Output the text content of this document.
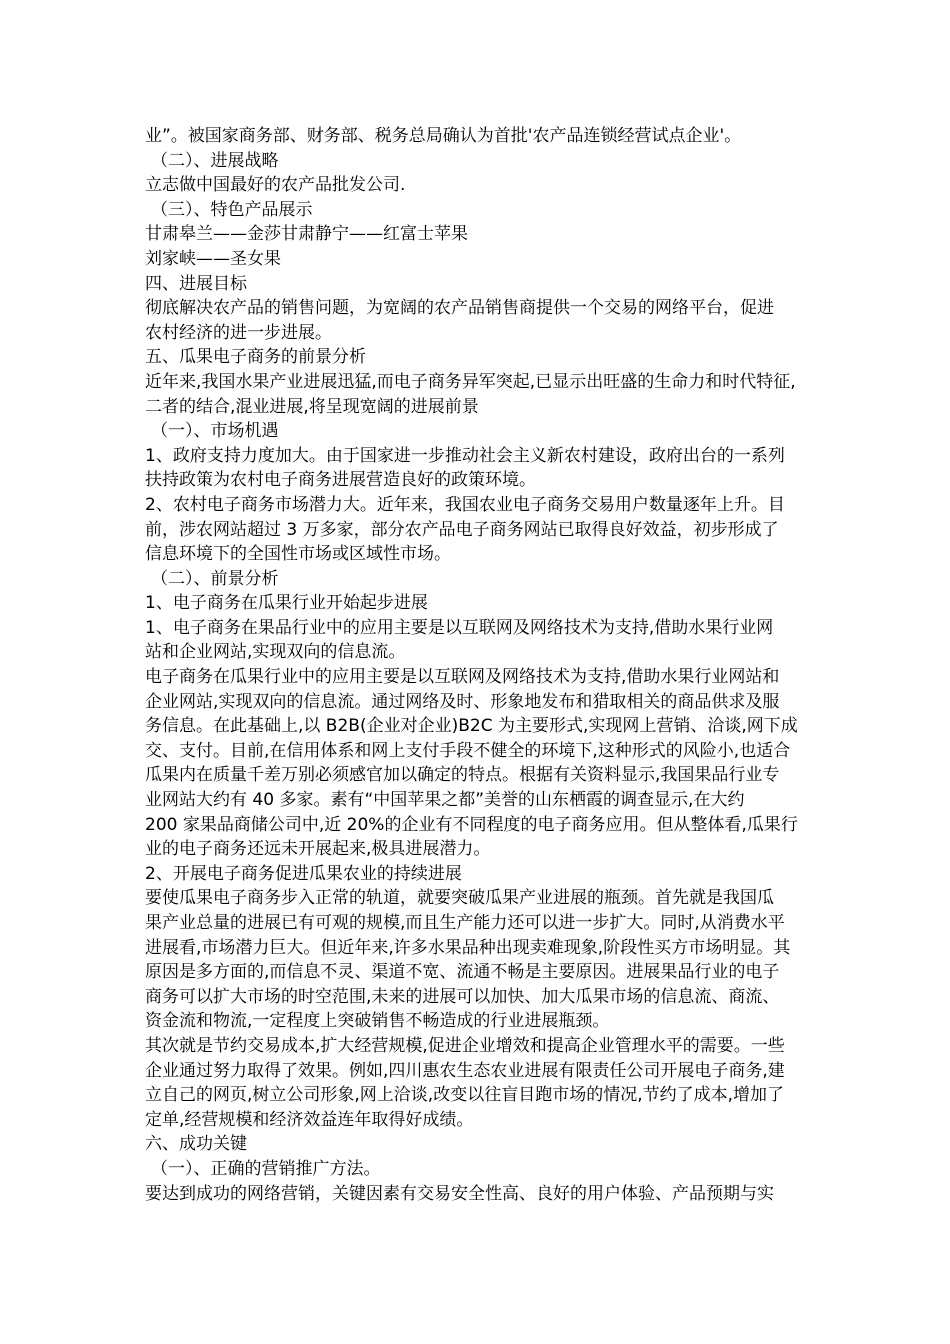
业”。被国家商务部、财务部、税务总局确认为首批'农产品连锁经营试点企业'。
（二）、进展战略
立志做中国最好的农产品批发公司.
（三）、特色产品展示
甘肃皋兰——金莎甘肃静宁——红富士苹果
刘家峡——圣女果
四、进展目标
彻底解决农产品的销售问题，为宽阔的农产品销售商提供一个交易的网络平台，促进
农村经济的进一步进展。
五、瓜果电子商务的前景分析
近年来,我国水果产业进展迅猛,而电子商务异军突起,已显示出旺盛的生命力和时代特征,
二者的结合,混业进展,将呈现宽阔的进展前景
（一）、市场机遇
1、政府支持力度加大。由于国家进一步推动社会主义新农村建设，政府出台的一系列
扶持政策为农村电子商务进展营造良好的政策环境。
2、农村电子商务市场潜力大。近年来，我国农业电子商务交易用户数量逐年上升。目
前，涉农网站超过 3 万多家，部分农产品电子商务网站已取得良好效益，初步形成了
信息环境下的全国性市场或区域性市场。
（二）、前景分析
1、电子商务在瓜果行业开始起步进展
1、电子商务在果品行业中的应用主要是以互联网及网络技术为支持,借助水果行业网
站和企业网站,实现双向的信息流。
电子商务在瓜果行业中的应用主要是以互联网及网络技术为支持,借助水果行业网站和
企业网站,实现双向的信息流。通过网络及时、形象地发布和猎取相关的商品供求及服
务信息。在此基础上,以 B2B(企业对企业)B2C 为主要形式,实现网上营销、洽谈,网下成
交、支付。目前,在信用体系和网上支付手段不健全的环境下,这种形式的风险小,也适合
瓜果内在质量千差万别必须感官加以确定的特点。根据有关资料显示,我国果品行业专
业网站大约有 40 多家。素有“中国苹果之都”美誉的山东栖霞的调查显示,在大约
200 家果品商储公司中,近 20%的企业有不同程度的电子商务应用。但从整体看,瓜果行
业的电子商务还远未开展起来,极具进展潜力。
2、开展电子商务促进瓜果农业的持续进展
要使瓜果电子商务步入正常的轨道，就要突破瓜果产业进展的瓶颈。首先就是我国瓜
果产业总量的进展已有可观的规模,而且生产能力还可以进一步扩大。同时,从消费水平
进展看,市场潜力巨大。但近年来,许多水果品种出现卖难现象,阶段性买方市场明显。其
原因是多方面的,而信息不灵、渠道不宽、流通不畅是主要原因。进展果品行业的电子
商务可以扩大市场的时空范围,未来的进展可以加快、加大瓜果市场的信息流、商流、
资金流和物流,一定程度上突破销售不畅造成的行业进展瓶颈。
其次就是节约交易成本,扩大经营规模,促进企业增效和提高企业管理水平的需要。一些
企业通过努力取得了效果。例如,四川惠农生态农业进展有限责任公司开展电子商务,建
立自己的网页,树立公司形象,网上洽谈,改变以往盲目跑市场的情况,节约了成本,增加了
定单,经营规模和经济效益连年取得好成绩。
六、成功关键
（一）、正确的营销推广方法。
要达到成功的网络营销，关键因素有交易安全性高、良好的用户体验、产品预期与实
